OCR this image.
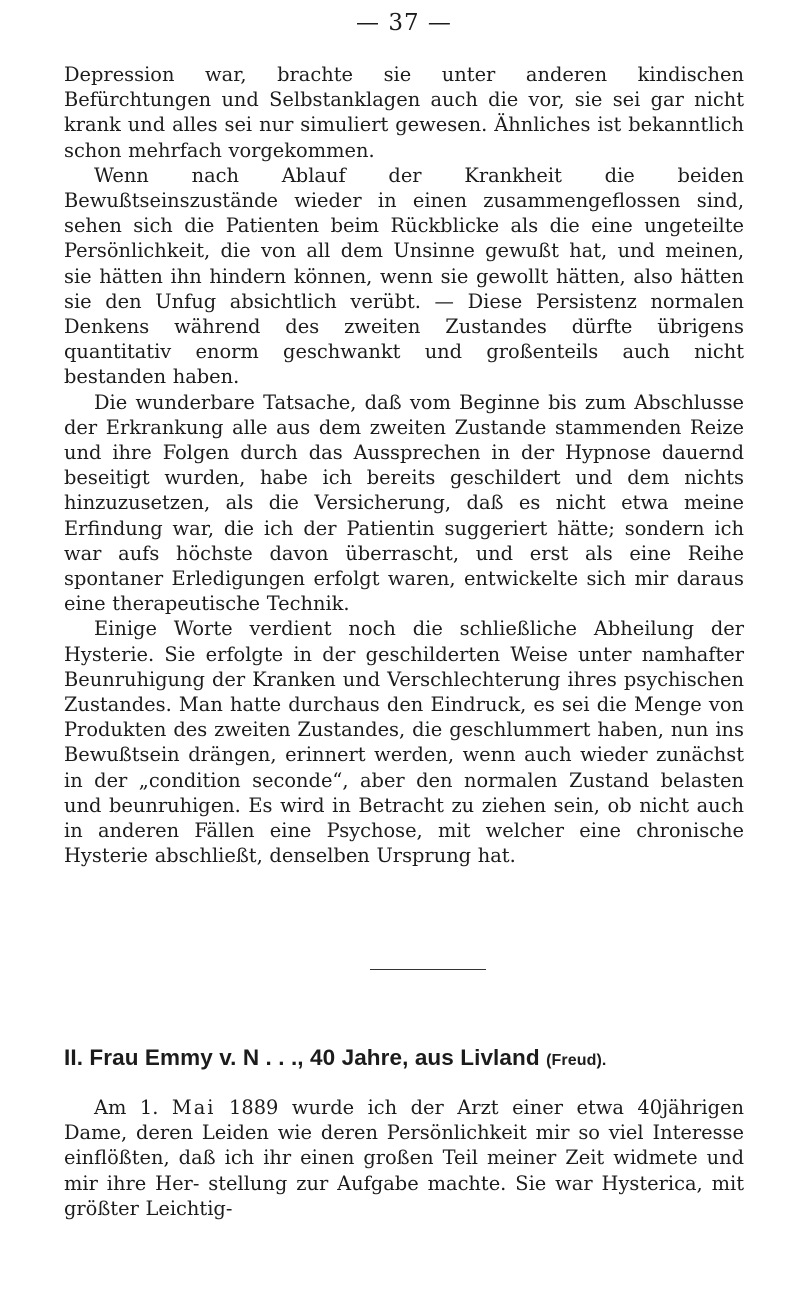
— 37 —

Depression war, brachte sie unter anderen kindischen Befürchtungen und Selbstanklagen auch die vor, sie sei gar nicht krank und alles sei nur simuliert gewesen. Ähnliches ist bekanntlich schon mehrfach vorgekommen.

Wenn nach Ablauf der Krankheit die beiden Bewußtseinszustände wieder in einen zusammengeflossen sind, sehen sich die Patienten beim Rückblicke als die eine ungeteilte Persönlichkeit, die von all dem Unsinne gewußt hat, und meinen, sie hätten ihn hindern können, wenn sie gewollt hätten, also hätten sie den Unfug absichtlich verübt. — Diese Persistenz normalen Denkens während des zweiten Zustandes dürfte übrigens quantitativ enorm geschwankt und großenteils auch nicht bestanden haben.

Die wunderbare Tatsache, daß vom Beginne bis zum Abschlusse der Erkrankung alle aus dem zweiten Zustande stammenden Reize und ihre Folgen durch das Aussprechen in der Hypnose dauernd beseitigt wurden, habe ich bereits geschildert und dem nichts hinzuzusetzen, als die Versicherung, daß es nicht etwa meine Erfindung war, die ich der Patientin suggeriert hätte; sondern ich war aufs höchste davon überrascht, und erst als eine Reihe spontaner Erledigungen erfolgt waren, entwickelte sich mir daraus eine therapeutische Technik.

Einige Worte verdient noch die schließliche Abheilung der Hysterie. Sie erfolgte in der geschilderten Weise unter namhafter Beunruhigung der Kranken und Verschlechterung ihres psychischen Zustandes. Man hatte durchaus den Eindruck, es sei die Menge von Produkten des zweiten Zustandes, die geschlummert haben, nun ins Bewußtsein drängen, erinnert werden, wenn auch wieder zunächst in der „condition seconde“, aber den normalen Zustand belasten und beunruhigen. Es wird in Betracht zu ziehen sein, ob nicht auch in anderen Fällen eine Psychose, mit welcher eine chronische Hysterie abschließt, denselben Ursprung hat.

II. Frau Emmy v. N . . ., 40 Jahre, aus Livland (Freud).

Am 1. Mai 1889 wurde ich der Arzt einer etwa 40jährigen Dame, deren Leiden wie deren Persönlichkeit mir so viel Interesse einflößten, daß ich ihr einen großen Teil meiner Zeit widmete und mir ihre Her- stellung zur Aufgabe machte. Sie war Hysterica, mit größter Leichtig-
